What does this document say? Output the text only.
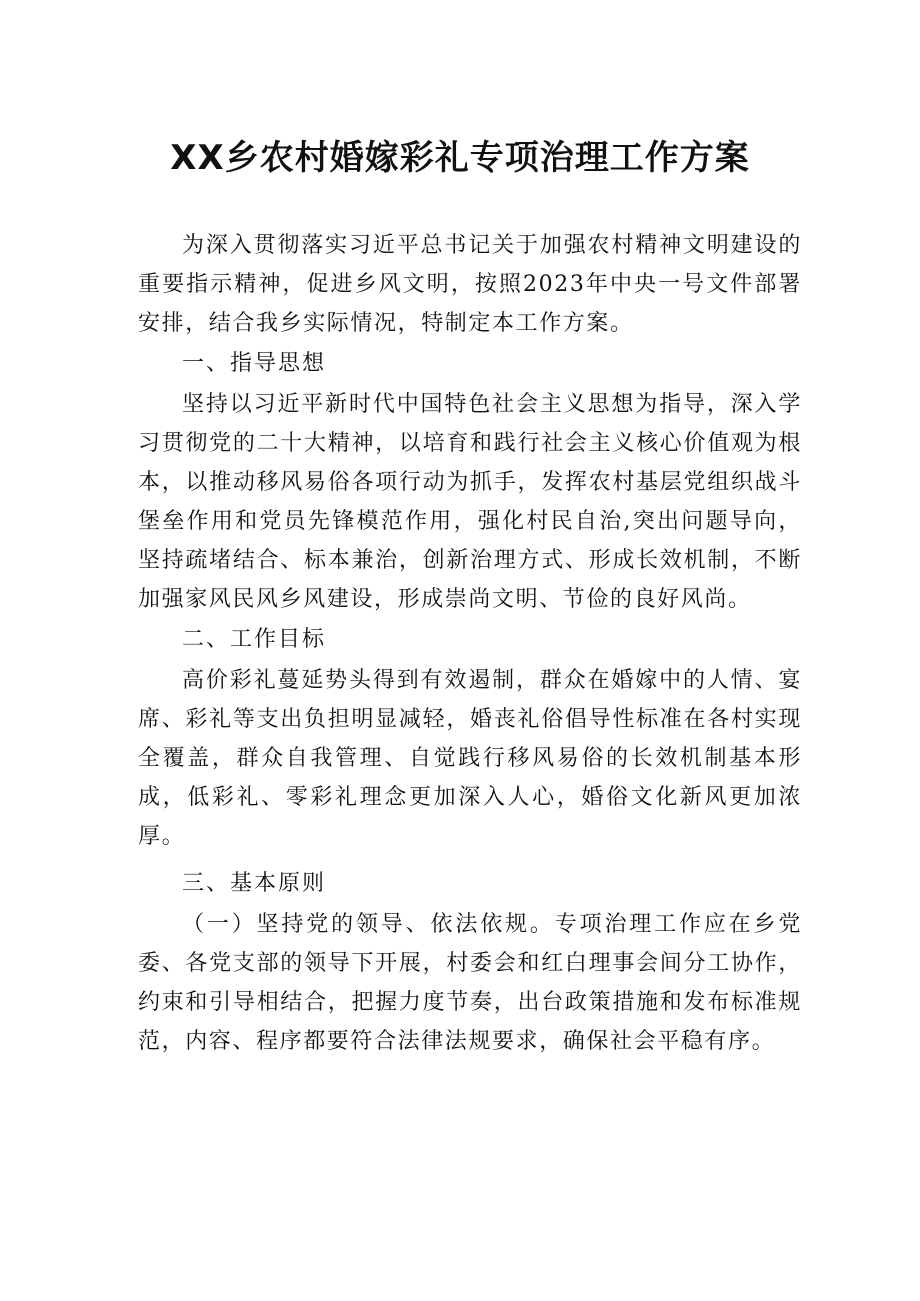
XX乡农村婚嫁彩礼专项治理工作方案

为深入贯彻落实习近平总书记关于加强农村精神文明建设的重要指示精神，促进乡风文明，按照2023年中央一号文件部署安排，结合我乡实际情况，特制定本工作方案。

一、指导思想

坚持以习近平新时代中国特色社会主义思想为指导，深入学习贯彻党的二十大精神，以培育和践行社会主义核心价值观为根本，以推动移风易俗各项行动为抓手，发挥农村基层党组织战斗堡垒作用和党员先锋模范作用，强化村民自治,突出问题导向，坚持疏堵结合、标本兼治，创新治理方式、形成长效机制，不断加强家风民风乡风建设，形成崇尚文明、节俭的良好风尚。

二、工作目标

高价彩礼蔓延势头得到有效遏制，群众在婚嫁中的人情、宴席、彩礼等支出负担明显减轻，婚丧礼俗倡导性标准在各村实现全覆盖，群众自我管理、自觉践行移风易俗的长效机制基本形成，低彩礼、零彩礼理念更加深入人心，婚俗文化新风更加浓厚。

三、基本原则

（一）坚持党的领导、依法依规。专项治理工作应在乡党委、各党支部的领导下开展，村委会和红白理事会间分工协作，约束和引导相结合，把握力度节奏，出台政策措施和发布标准规范，内容、程序都要符合法律法规要求，确保社会平稳有序。
